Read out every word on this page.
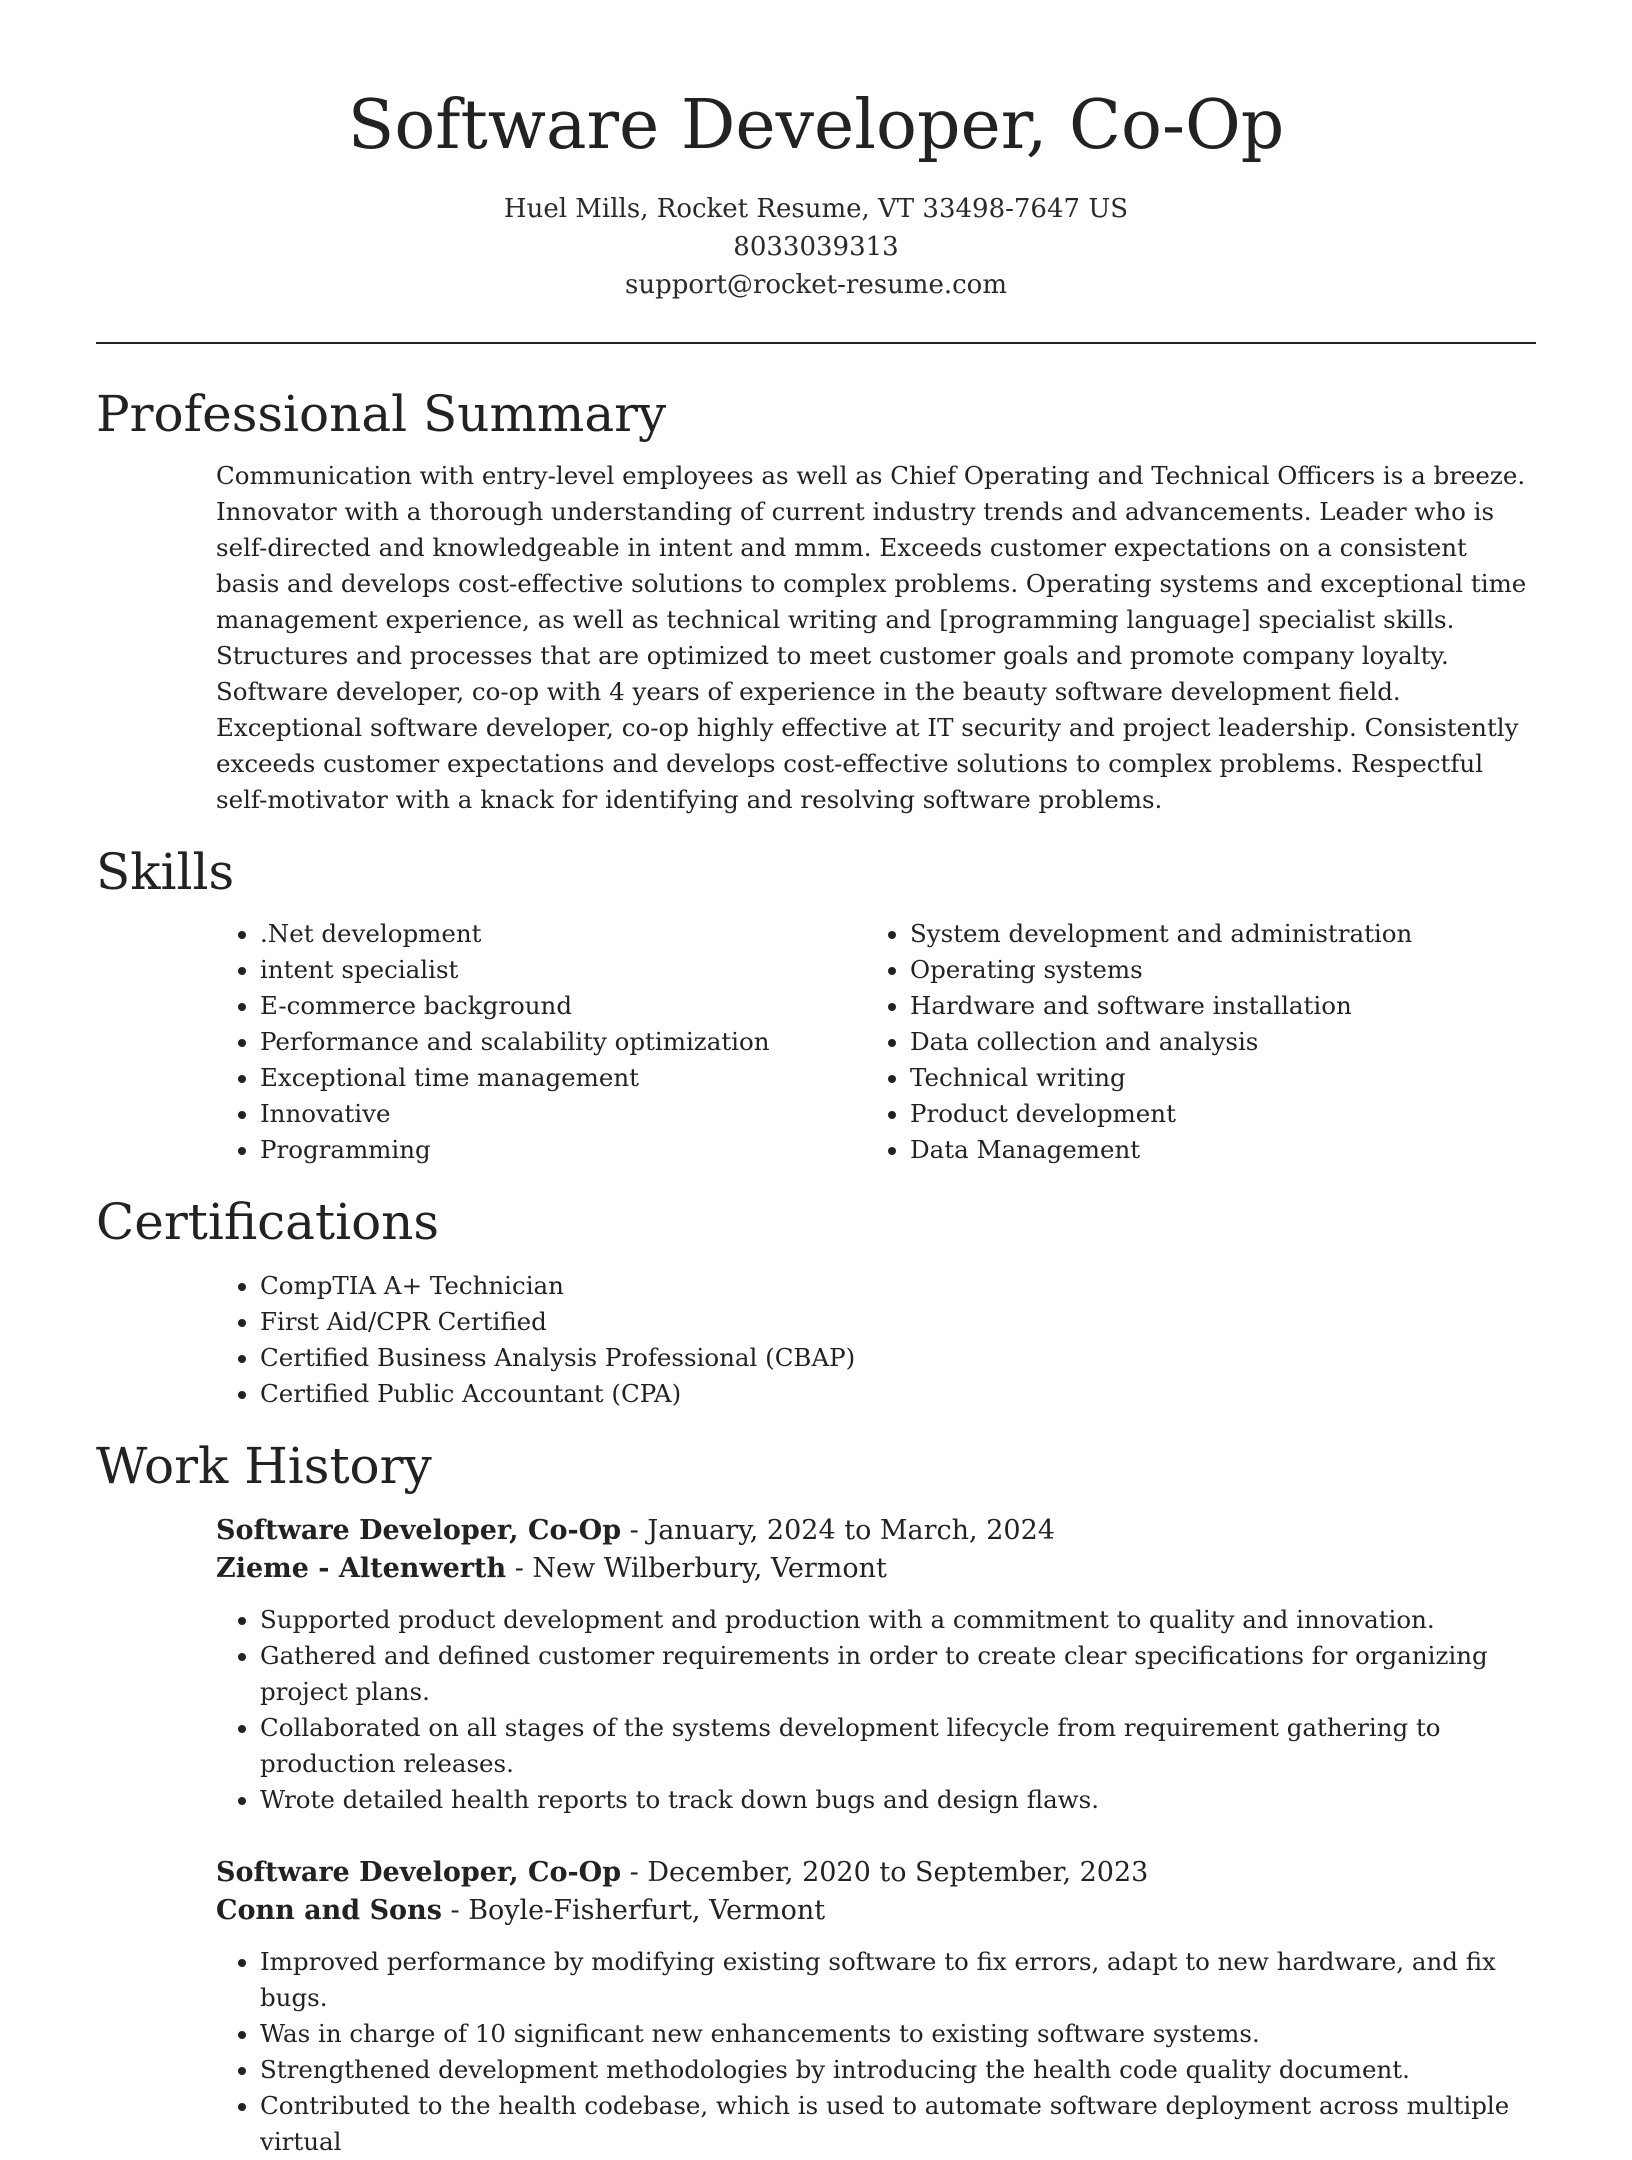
Software Developer, Co-Op
Huel Mills, Rocket Resume, VT 33498-7647 US
8033039313
support@rocket-resume.com
Professional Summary

Communication with entry-level employees as well as Chief Operating and Technical Officers is a breeze. Innovator with a thorough understanding of current industry trends and advancements. Leader who is self-directed and knowledgeable in intent and mmm. Exceeds customer expectations on a consistent basis and develops cost-effective solutions to complex problems. Operating systems and exceptional time management experience, as well as technical writing and [programming language] specialist skills. Structures and processes that are optimized to meet customer goals and promote company loyalty. Software developer, co-op with 4 years of experience in the beauty software development field. Exceptional software developer, co-op highly effective at IT security and project leadership. Consistently exceeds customer expectations and develops cost-effective solutions to complex problems. Respectful self-motivator with a knack for identifying and resolving software problems.

Skills
• .Net development
• intent specialist
• E-commerce background
• Performance and scalability optimization
• Exceptional time management
• Innovative
• Programming
• System development and administration
• Operating systems
• Hardware and software installation
• Data collection and analysis
• Technical writing
• Product development
• Data Management
Certifications
• CompTIA A+ Technician
• First Aid/CPR Certified
• Certified Business Analysis Professional (CBAP)
• Certified Public Accountant (CPA)
Work History
Software Developer, Co-Op - January, 2024 to March, 2024
Zieme - Altenwerth - New Wilberbury, Vermont
• Supported product development and production with a commitment to quality and innovation.
• Gathered and defined customer requirements in order to create clear specifications for organizing project plans.
• Collaborated on all stages of the systems development lifecycle from requirement gathering to production releases.
• Wrote detailed health reports to track down bugs and design flaws.
Software Developer, Co-Op - December, 2020 to September, 2023
Conn and Sons - Boyle-Fisherfurt, Vermont
• Improved performance by modifying existing software to fix errors, adapt to new hardware, and fix bugs.
• Was in charge of 10 significant new enhancements to existing software systems.
• Strengthened development methodologies by introducing the health code quality document.
• Contributed to the health codebase, which is used to automate software deployment across multiple virtual
